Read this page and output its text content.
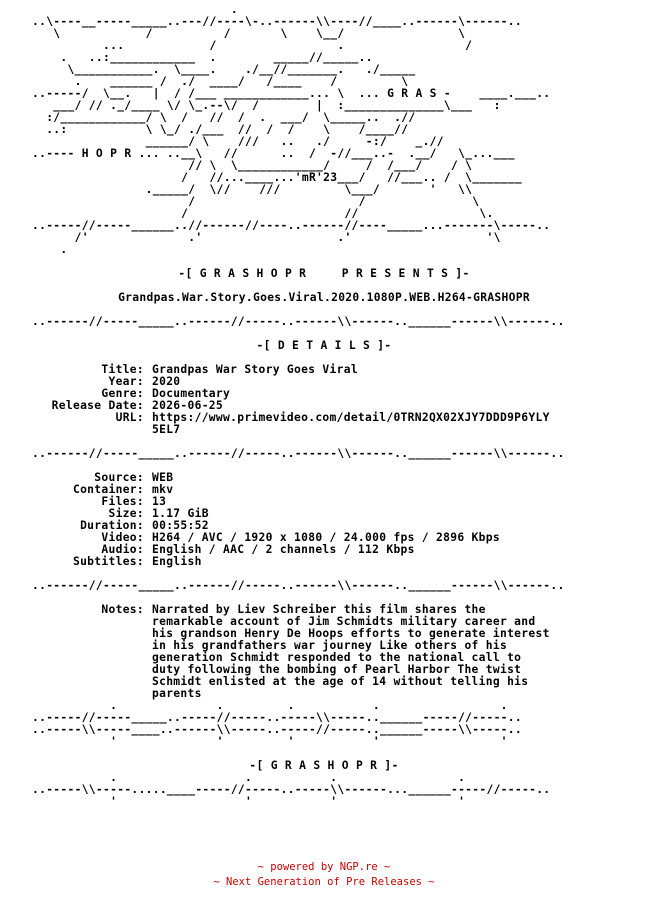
.
..\----__-----_____..---//----\-..------\\----//____..------\------..
\            /          /       \    \__/                \
...            /                 .                 /
.   ..:____________  .        _____//_____..
\___________.  \____.    ./__//_______.   ./_____
.    ______ /  ./  ____/   /____    /         \
..-----/  \__.   |  / /___ ____________... \  ... G R A S -    ____.___..
___/ // ._/____ \/ \_.--\/  /        |  :______________\___   :
:/____________/ \  /   //  /  .  ___/  \_____..  .//
..:           \ \_/ ./___  //  /  /    \    /____//
______/ \    ///   ..   ./     -:/    _.//
..---- H O P R ... ..__\   //      ..  /  -//___..-  .__/   \_...___
// \  \____________/     /  /___/    / \
/   //...____...'mR'23___/   //___.. /  \_______
._____/  \//    ///         \___/       '   \\
/                       /               \
/                      //                 \.
..-----//-----______..//------//----..------//----_____...-------\-----..
/'              .'                   .'                   '\
.
-[ G R A S H O P R     P R E S E N T S ]-
Grandpas.War.Story.Goes.Viral.2020.1080P.WEB.H264-GRASHOPR
..------//-----_____..------//-----..------\\------..______------\\------..
-[ D E T A I L S ]-
Title: Grandpas War Story Goes Viral
Year: 2020
Genre: Documentary
Release Date: 2026-06-25
URL: https://www.primevideo.com/detail/0TRN2QX02XJY7DDD9P6YLY
5EL7
..------//-----_____..------//-----..------\\------..______------\\------..
Source: WEB
Container: mkv
Files: 13
Size: 1.17 GiB
Duration: 00:55:52
Video: H264 / AVC / 1920 x 1080 / 24.000 fps / 2896 Kbps
Audio: English / AAC / 2 channels / 112 Kbps
Subtitles: English
..------//-----_____..------//-----..------\\------..______------\\------..
Notes: Narrated by Liev Schreiber this film shares the
remarkable account of Jim Schmidts military career and
his grandson Henry De Hoops efforts to generate interest
in his grandfathers war journey Like others of his
generation Schmidt responded to the national call to
duty following the bombing of Pearl Harbor The twist
Schmidt enlisted at the age of 14 without telling his
parents
.              .         .           .                 .
..-----//-----_____..-----//-----..-----\\-----..______-----//-----..
..-----\\-----____..------\\-----..-----//-----..______-----\\-----..
'              '         '           '                 '
-[ G R A S H O P R ]-
.                  .           .                 .
..-----\\-----.....____-----//-----..-----\\------...______-----//-----..
'                  '           '                 '
~ powered by NGP.re ~
~ Next Generation of Pre Releases ~
